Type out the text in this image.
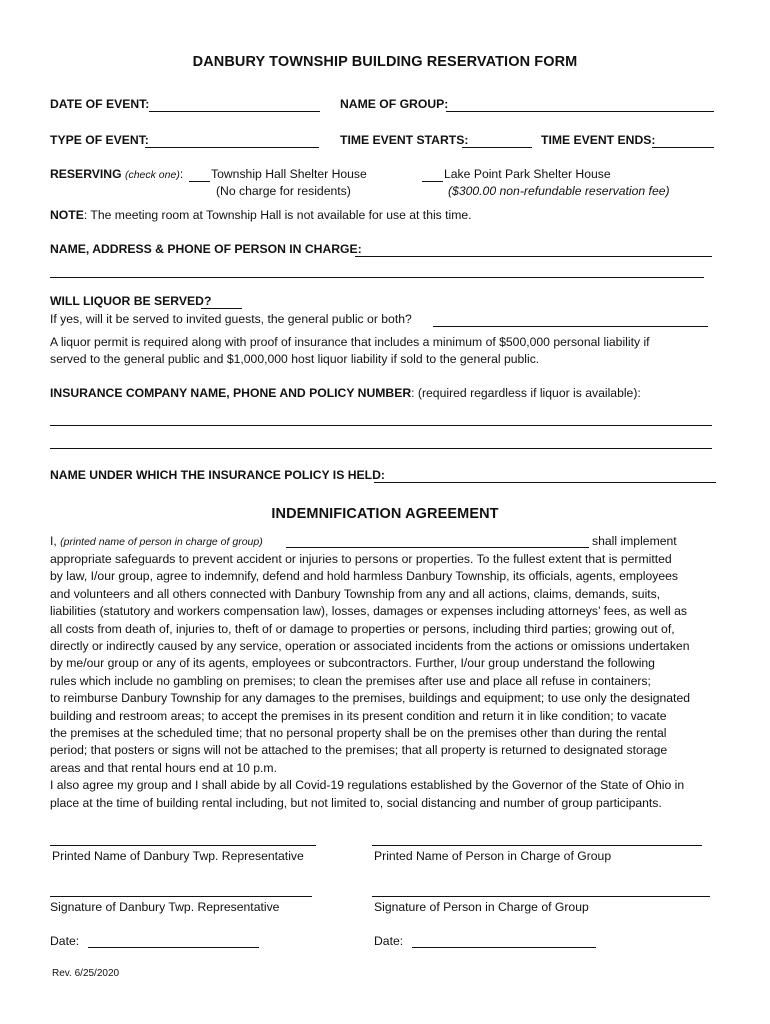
DANBURY TOWNSHIP BUILDING RESERVATION FORM
DATE OF EVENT:	NAME OF GROUP:
TYPE OF EVENT:	TIME EVENT STARTS:	TIME EVENT ENDS:
RESERVING (check one): Township Hall Shelter House
(No charge for residents)
Lake Point Park Shelter House
($300.00 non-refundable reservation fee)
NOTE: The meeting room at Township Hall is not available for use at this time.
NAME, ADDRESS & PHONE OF PERSON IN CHARGE:
WILL LIQUOR BE SERVED?
If yes, will it be served to invited guests, the general public or both?
A liquor permit is required along with proof of insurance that includes a minimum of $500,000 personal liability if
served to the general public and $1,000,000 host liquor liability if sold to the general public.
INSURANCE COMPANY NAME, PHONE AND POLICY NUMBER: (required regardless if liquor is available):
NAME UNDER WHICH THE INSURANCE POLICY IS HELD:
INDEMNIFICATION AGREEMENT
I, (printed name of person in charge of group)	shall implement
appropriate safeguards to prevent accident or injuries to persons or properties. To the fullest extent that is permitted
by law, I/our group, agree to indemnify, defend and hold harmless Danbury Township, its officials, agents, employees
and volunteers and all others connected with Danbury Township from any and all actions, claims, demands, suits,
liabilities (statutory and workers compensation law), losses, damages or expenses including attorneys’ fees, as well as
all costs from death of, injuries to, theft of or damage to properties or persons, including third parties; growing out of,
directly or indirectly caused by any service, operation or associated incidents from the actions or omissions undertaken
by me/our group or any of its agents, employees or subcontractors. Further, I/our group understand the following
rules which include no gambling on premises; to clean the premises after use and place all refuse in containers;
to reimburse Danbury Township for any damages to the premises, buildings and equipment; to use only the designated
building and restroom areas; to accept the premises in its present condition and return it in like condition; to vacate
the premises at the scheduled time; that no personal property shall be on the premises other than during the rental
period; that posters or signs will not be attached to the premises; that all property is returned to designated storage
areas and that rental hours end at 10 p.m.
I also agree my group and I shall abide by all Covid-19 regulations established by the Governor of the State of Ohio in
place at the time of building rental including, but not limited to, social distancing and number of group participants.
Printed Name of Danbury Twp. Representative	Printed Name of Person in Charge of Group
Signature of Danbury Twp. Representative	Signature of Person in Charge of Group
Date:	Date:
Rev. 6/25/2020
